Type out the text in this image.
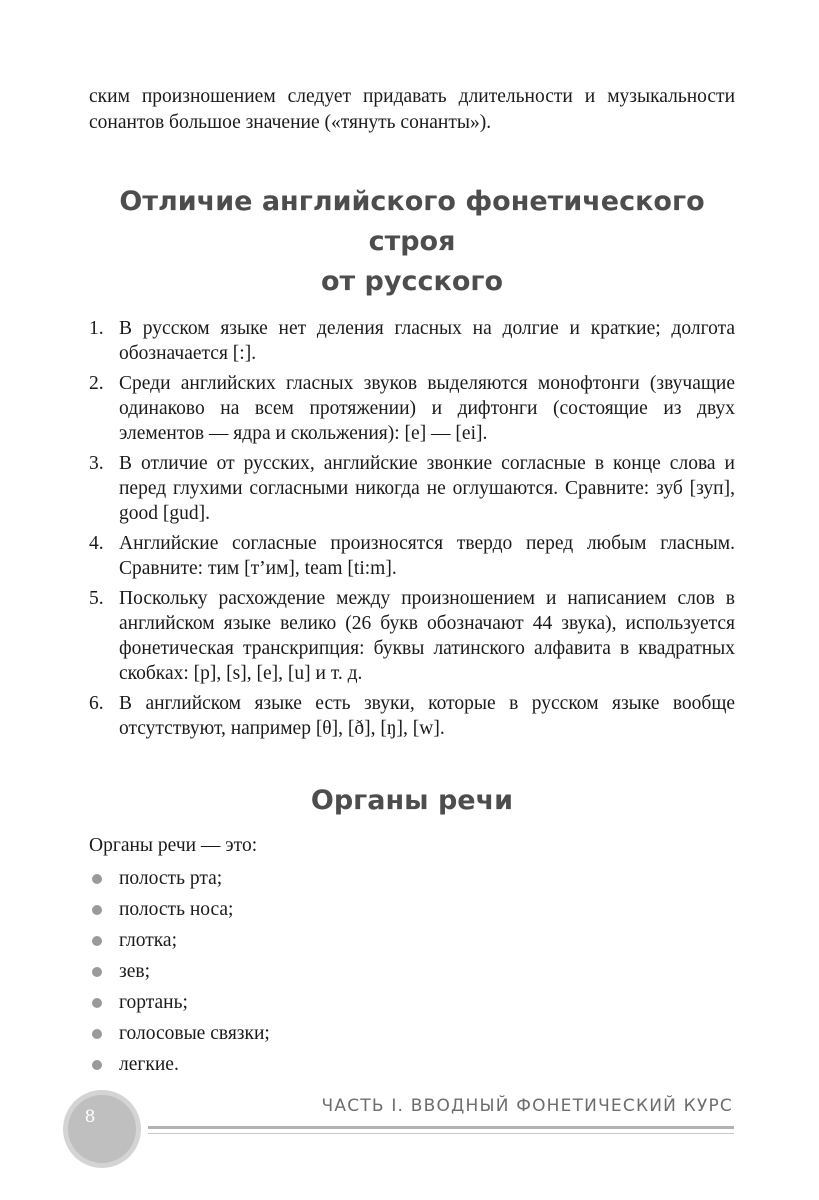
ским произношением следует придавать длительности и музыкальности сонантов большое значение («тянуть сонанты»).

Отличие английского фонетического строя
от русского
1. В русском языке нет деления гласных на долгие и краткие; долгота обозначается [:].
2. Среди английских гласных звуков выделяются монофтонги (звучащие одинаково на всем протяжении) и дифтонги (состоящие из двух элементов — ядра и скольжения): [e] — [ei].
3. В отличие от русских, английские звонкие согласные в конце слова и перед глухими согласными никогда не оглушаются. Сравните: зуб [зуп], good [gud].
4. Английские согласные произносятся твердо перед любым гласным. Сравните: тим [т’им], team [ti:m].
5. Поскольку расхождение между произношением и написанием слов в английском языке велико (26 букв обозначают 44 звука), используется фонетическая транскрипция: буквы латинского алфавита в квадратных скобках: [p], [s], [e], [u] и т. д.
6. В английском языке есть звуки, которые в русском языке вообще отсутствуют, например [θ], [ð], [ŋ], [w].
Органы речи

Органы речи — это:

полость рта;
полость носа;
глотка;
зев;
гортань;
голосовые связки;
легкие.
ЧАСТЬ I. ВВОДНЫЙ ФОНЕТИЧЕСКИЙ КУРС
8
